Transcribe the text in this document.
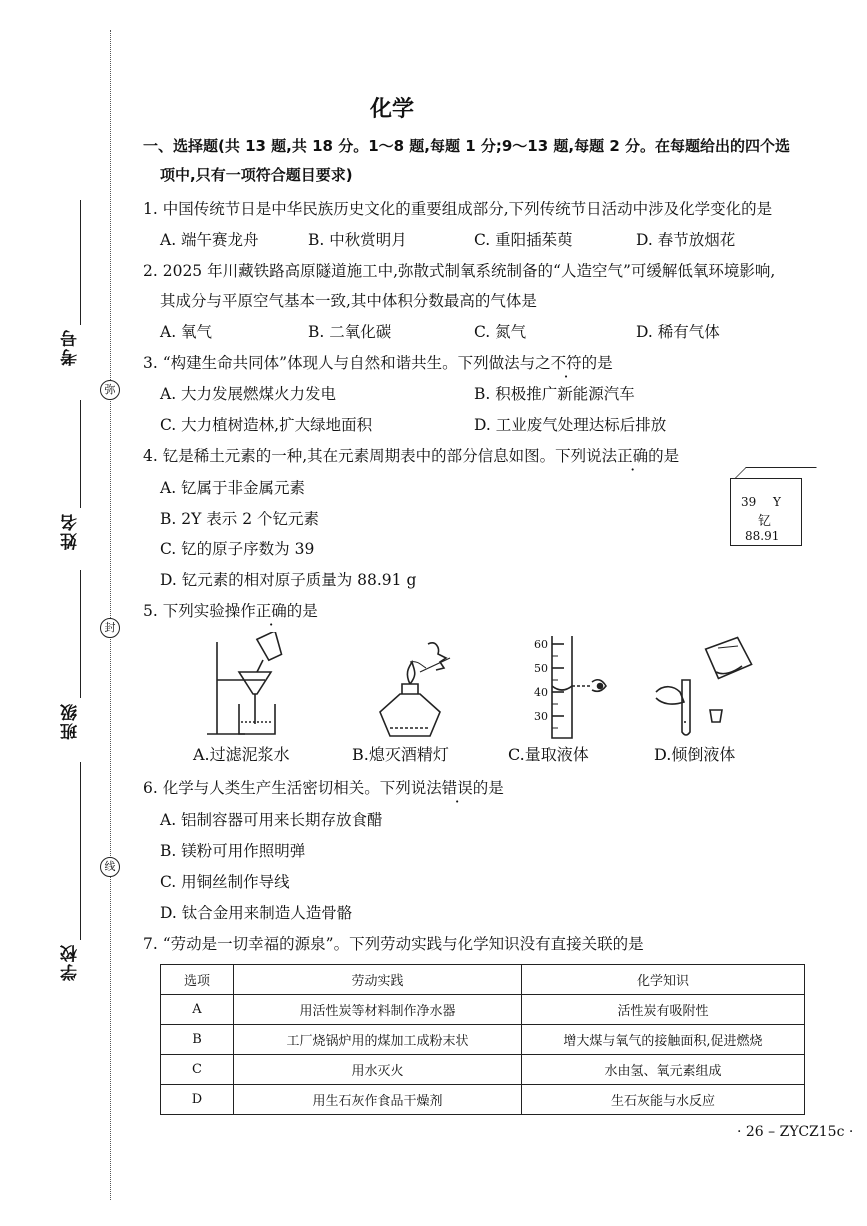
考号
弥
姓名
封
班级
线
学校
化学
一、选择题(共 13 题,共 18 分。1～8 题,每题 1 分;9～13 题,每题 2 分。在每题给出的四个选
项中,只有一项符合题目要求)
1. 中国传统节日是中华民族历史文化的重要组成部分,下列传统节日活动中涉及化学变化的是
A. 端午赛龙舟	B. 中秋赏明月	C. 重阳插茱萸	D. 春节放烟花
2. 2025 年川藏铁路高原隧道施工中,弥散式制氧系统制备的“人造空气”可缓解低氧环境影响,
其成分与平原空气基本一致,其中体积分数最高的气体是
A. 氧气	B. 二氧化碳	C. 氮气	D. 稀有气体
3. “构建生命共同体”体现人与自然和谐共生。下列做法与之不符的是
A. 大力发展燃煤火力发电	B. 积极推广新能源汽车
C. 大力植树造林,扩大绿地面积	D. 工业废气处理达标后排放
4. 钇是稀土元素的一种,其在元素周期表中的部分信息如图。下列说法正确的是
A. 钇属于非金属元素
B. 2Y 表示 2 个钇元素
C. 钇的原子序数为 39
D. 钇元素的相对原子质量为 88.91 g
39 Y
钇
88.91
5. 下列实验操作正确的是
A.过滤泥浆水	B.熄灭酒精灯
60
50
40
30
C.量取液体	D.倾倒液体
6. 化学与人类生产生活密切相关。下列说法错误的是
A. 铝制容器可用来长期存放食醋
B. 镁粉可用作照明弹
C. 用铜丝制作导线
D. 钛合金用来制造人造骨骼
7. “劳动是一切幸福的源泉”。下列劳动实践与化学知识没有直接关联的是
选项	劳动实践	化学知识
A	用活性炭等材料制作净水器	活性炭有吸附性
B	工厂烧锅炉用的煤加工成粉末状	增大煤与氧气的接触面积,促进燃烧
C	用水灭火	水由氢、氧元素组成
D	用生石灰作食品干燥剂	生石灰能与水反应
· 26 – ZYCZ15c ·
